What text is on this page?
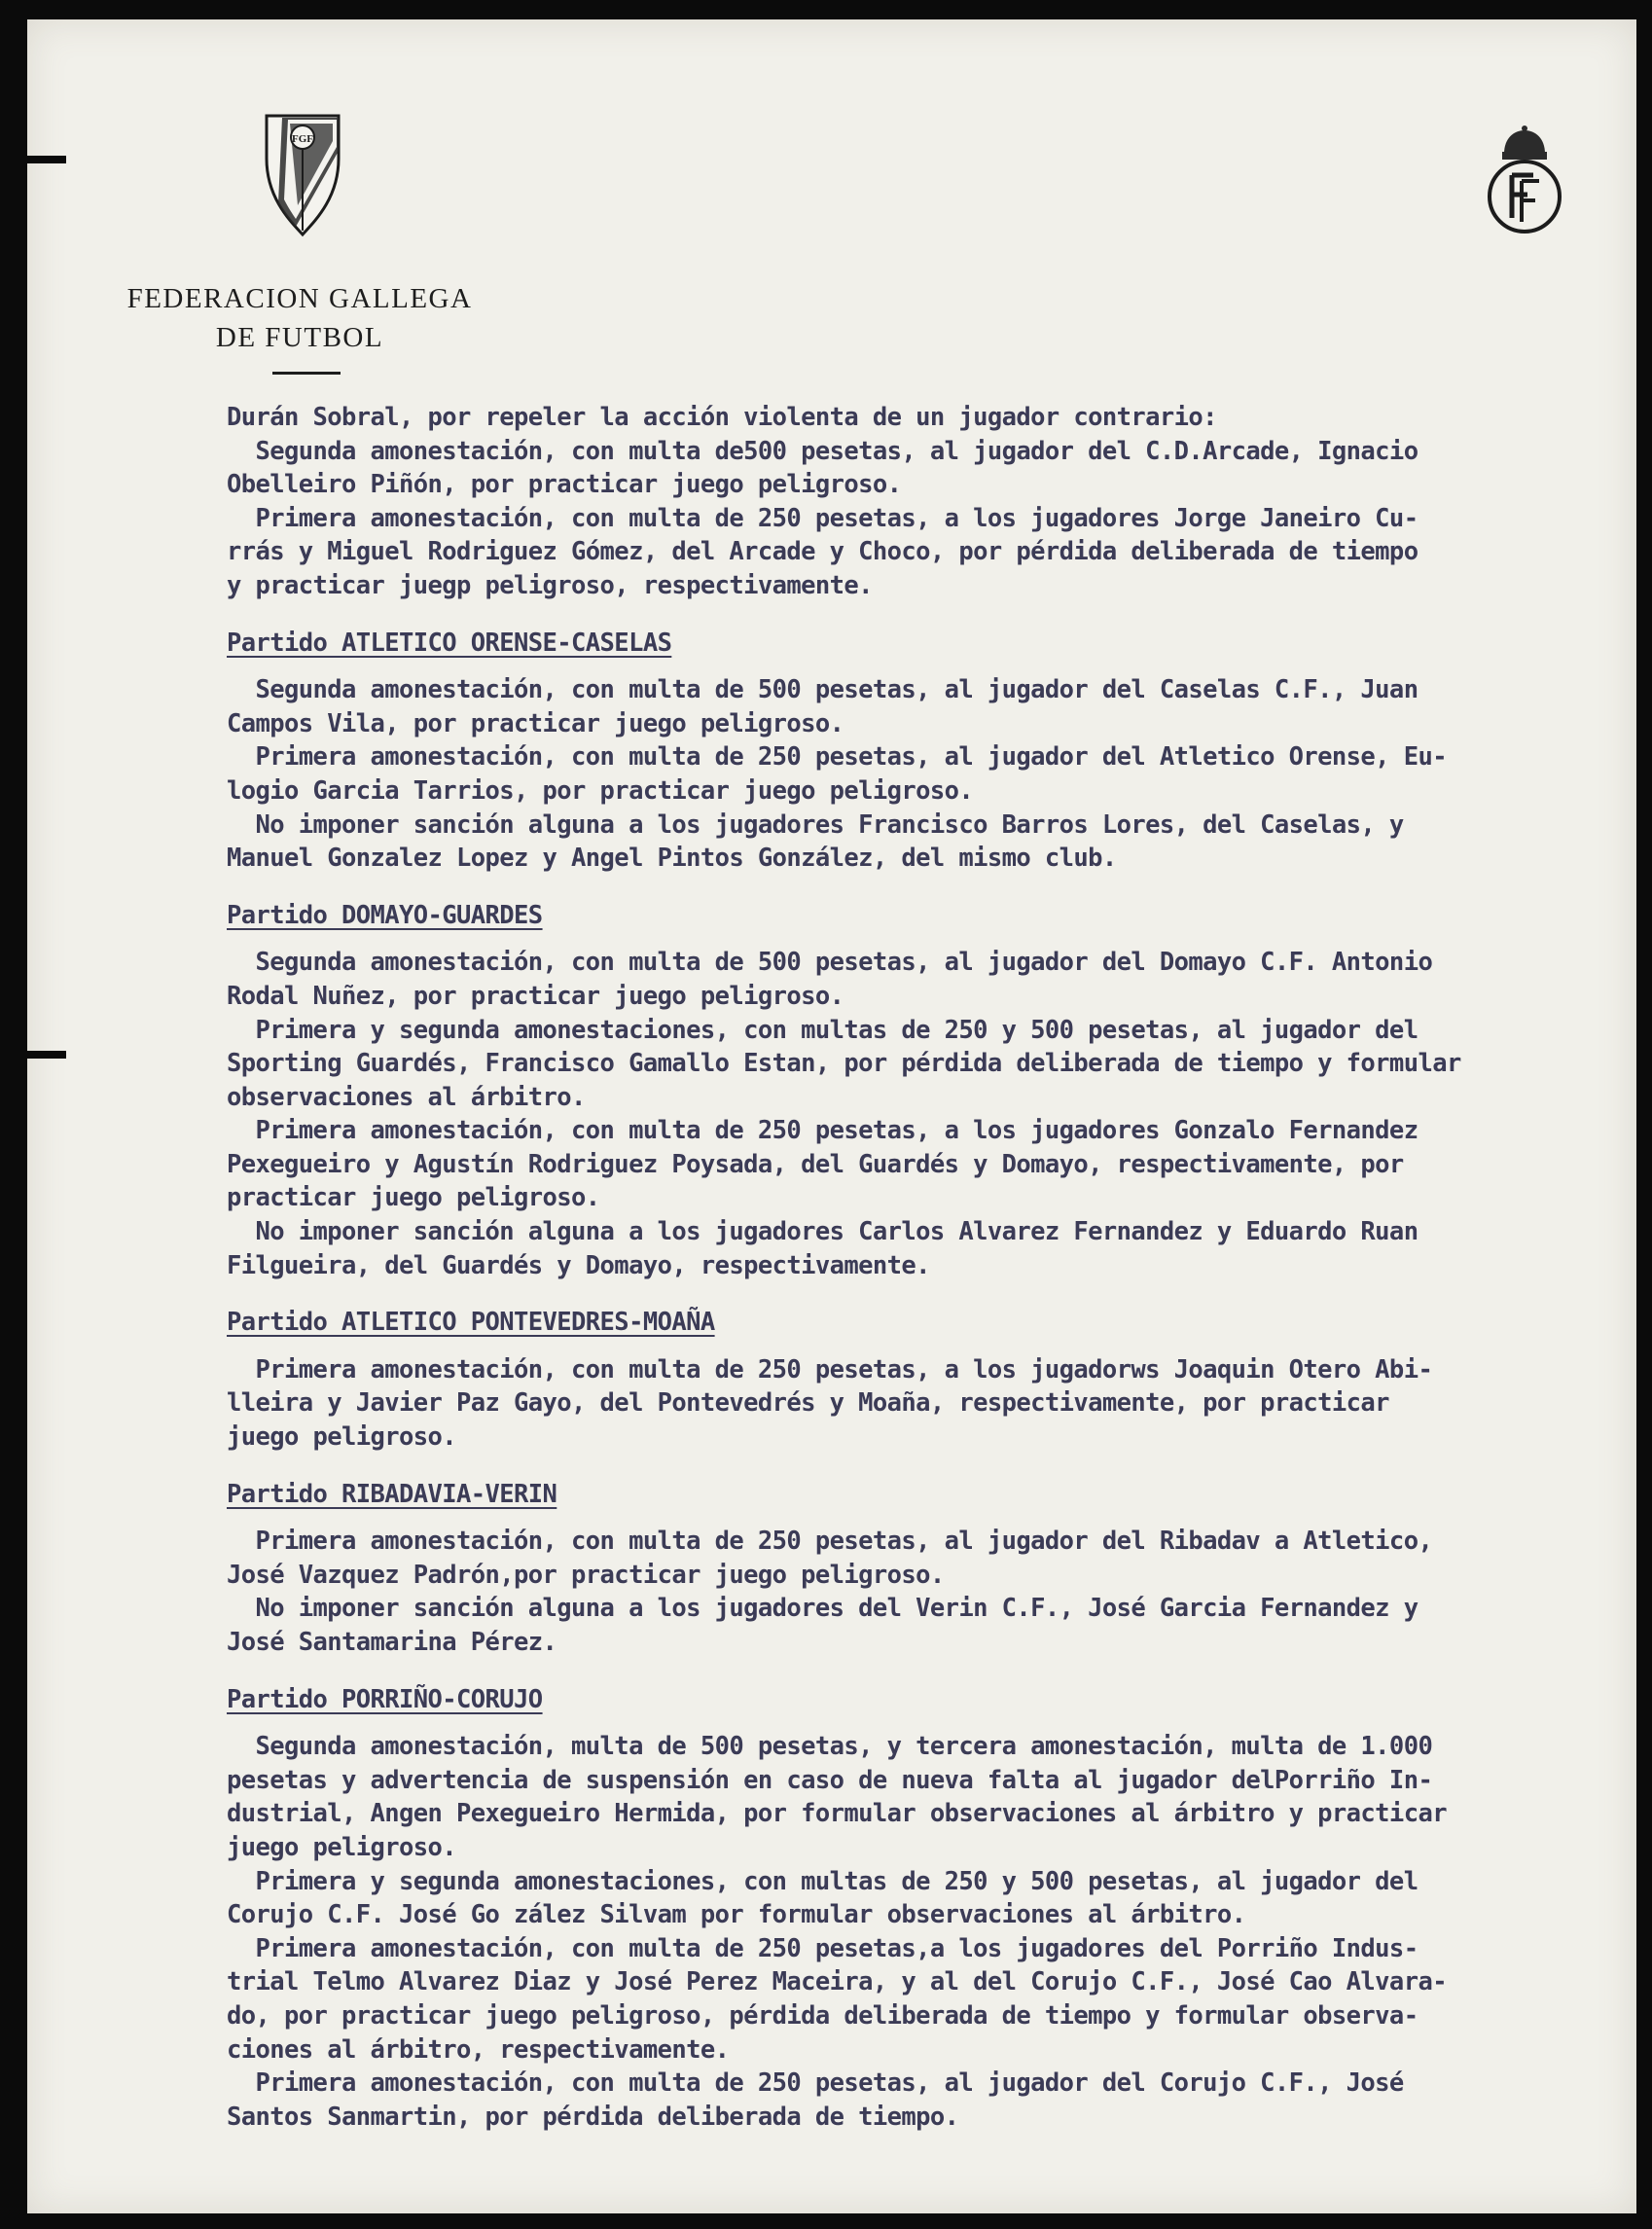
FGF
FEDERACION GALLEGA
DE FUTBOL

Durán Sobral, por repeler la acción violenta de un jugador contrario:

Segunda amonestación, con multa de500 pesetas, al jugador del C.D.Arcade, Ignacio

Obelleiro Piñón, por practicar juego peligroso.

Primera amonestación, con multa de 250 pesetas, a los jugadores Jorge Janeiro Cu-

rrás y Miguel Rodriguez Gómez, del Arcade y Choco, por pérdida deliberada de tiempo

y practicar juegp peligroso, respectivamente.

Partido ATLETICO ORENSE-CASELAS

Segunda amonestación, con multa de 500 pesetas, al jugador del Caselas C.F., Juan

Campos Vila, por practicar juego peligroso.

Primera amonestación, con multa de 250 pesetas, al jugador del Atletico Orense, Eu-

logio Garcia Tarrios, por practicar juego peligroso.

No imponer sanción alguna a los jugadores Francisco Barros Lores, del Caselas, y

Manuel Gonzalez Lopez y Angel Pintos González, del mismo club.

Partido DOMAYO-GUARDES

Segunda amonestación, con multa de 500 pesetas, al jugador del Domayo C.F. Antonio

Rodal Nuñez, por practicar juego peligroso.

Primera y segunda amonestaciones, con multas de 250 y 500 pesetas, al jugador del

Sporting Guardés, Francisco Gamallo Estan, por pérdida deliberada de tiempo y formular

observaciones al árbitro.

Primera amonestación, con multa de 250 pesetas, a los jugadores Gonzalo Fernandez

Pexegueiro y Agustín Rodriguez Poysada, del Guardés y Domayo, respectivamente, por

practicar juego peligroso.

No imponer sanción alguna a los jugadores Carlos Alvarez Fernandez y Eduardo Ruan

Filgueira, del Guardés y Domayo, respectivamente.

Partido ATLETICO PONTEVEDRES-MOAÑA

Primera amonestación, con multa de 250 pesetas, a los jugadorws Joaquin Otero Abi-

lleira y Javier Paz Gayo, del Pontevedrés y Moaña, respectivamente, por practicar

juego peligroso.

Partido RIBADAVIA-VERIN

Primera amonestación, con multa de 250 pesetas, al jugador del Ribadav a Atletico,

José Vazquez Padrón,por practicar juego peligroso.

No imponer sanción alguna a los jugadores del Verin C.F., José Garcia Fernandez y

José Santamarina Pérez.

Partido PORRIÑO-CORUJO

Segunda amonestación, multa de 500 pesetas, y tercera amonestación, multa de 1.000

pesetas y advertencia de suspensión en caso de nueva falta al jugador delPorriño In-

dustrial, Angen Pexegueiro Hermida, por formular observaciones al árbitro y practicar

juego peligroso.

Primera y segunda amonestaciones, con multas de 250 y 500 pesetas, al jugador del

Corujo C.F. José Go zález Silvam por formular observaciones al árbitro.

Primera amonestación, con multa de 250 pesetas,a los jugadores del Porriño Indus-

trial Telmo Alvarez Diaz y José Perez Maceira, y al del Corujo C.F., José Cao Alvara-

do, por practicar juego peligroso, pérdida deliberada de tiempo y formular observa-

ciones al árbitro, respectivamente.

Primera amonestación, con multa de 250 pesetas, al jugador del Corujo C.F., José

Santos Sanmartin, por pérdida deliberada de tiempo.
